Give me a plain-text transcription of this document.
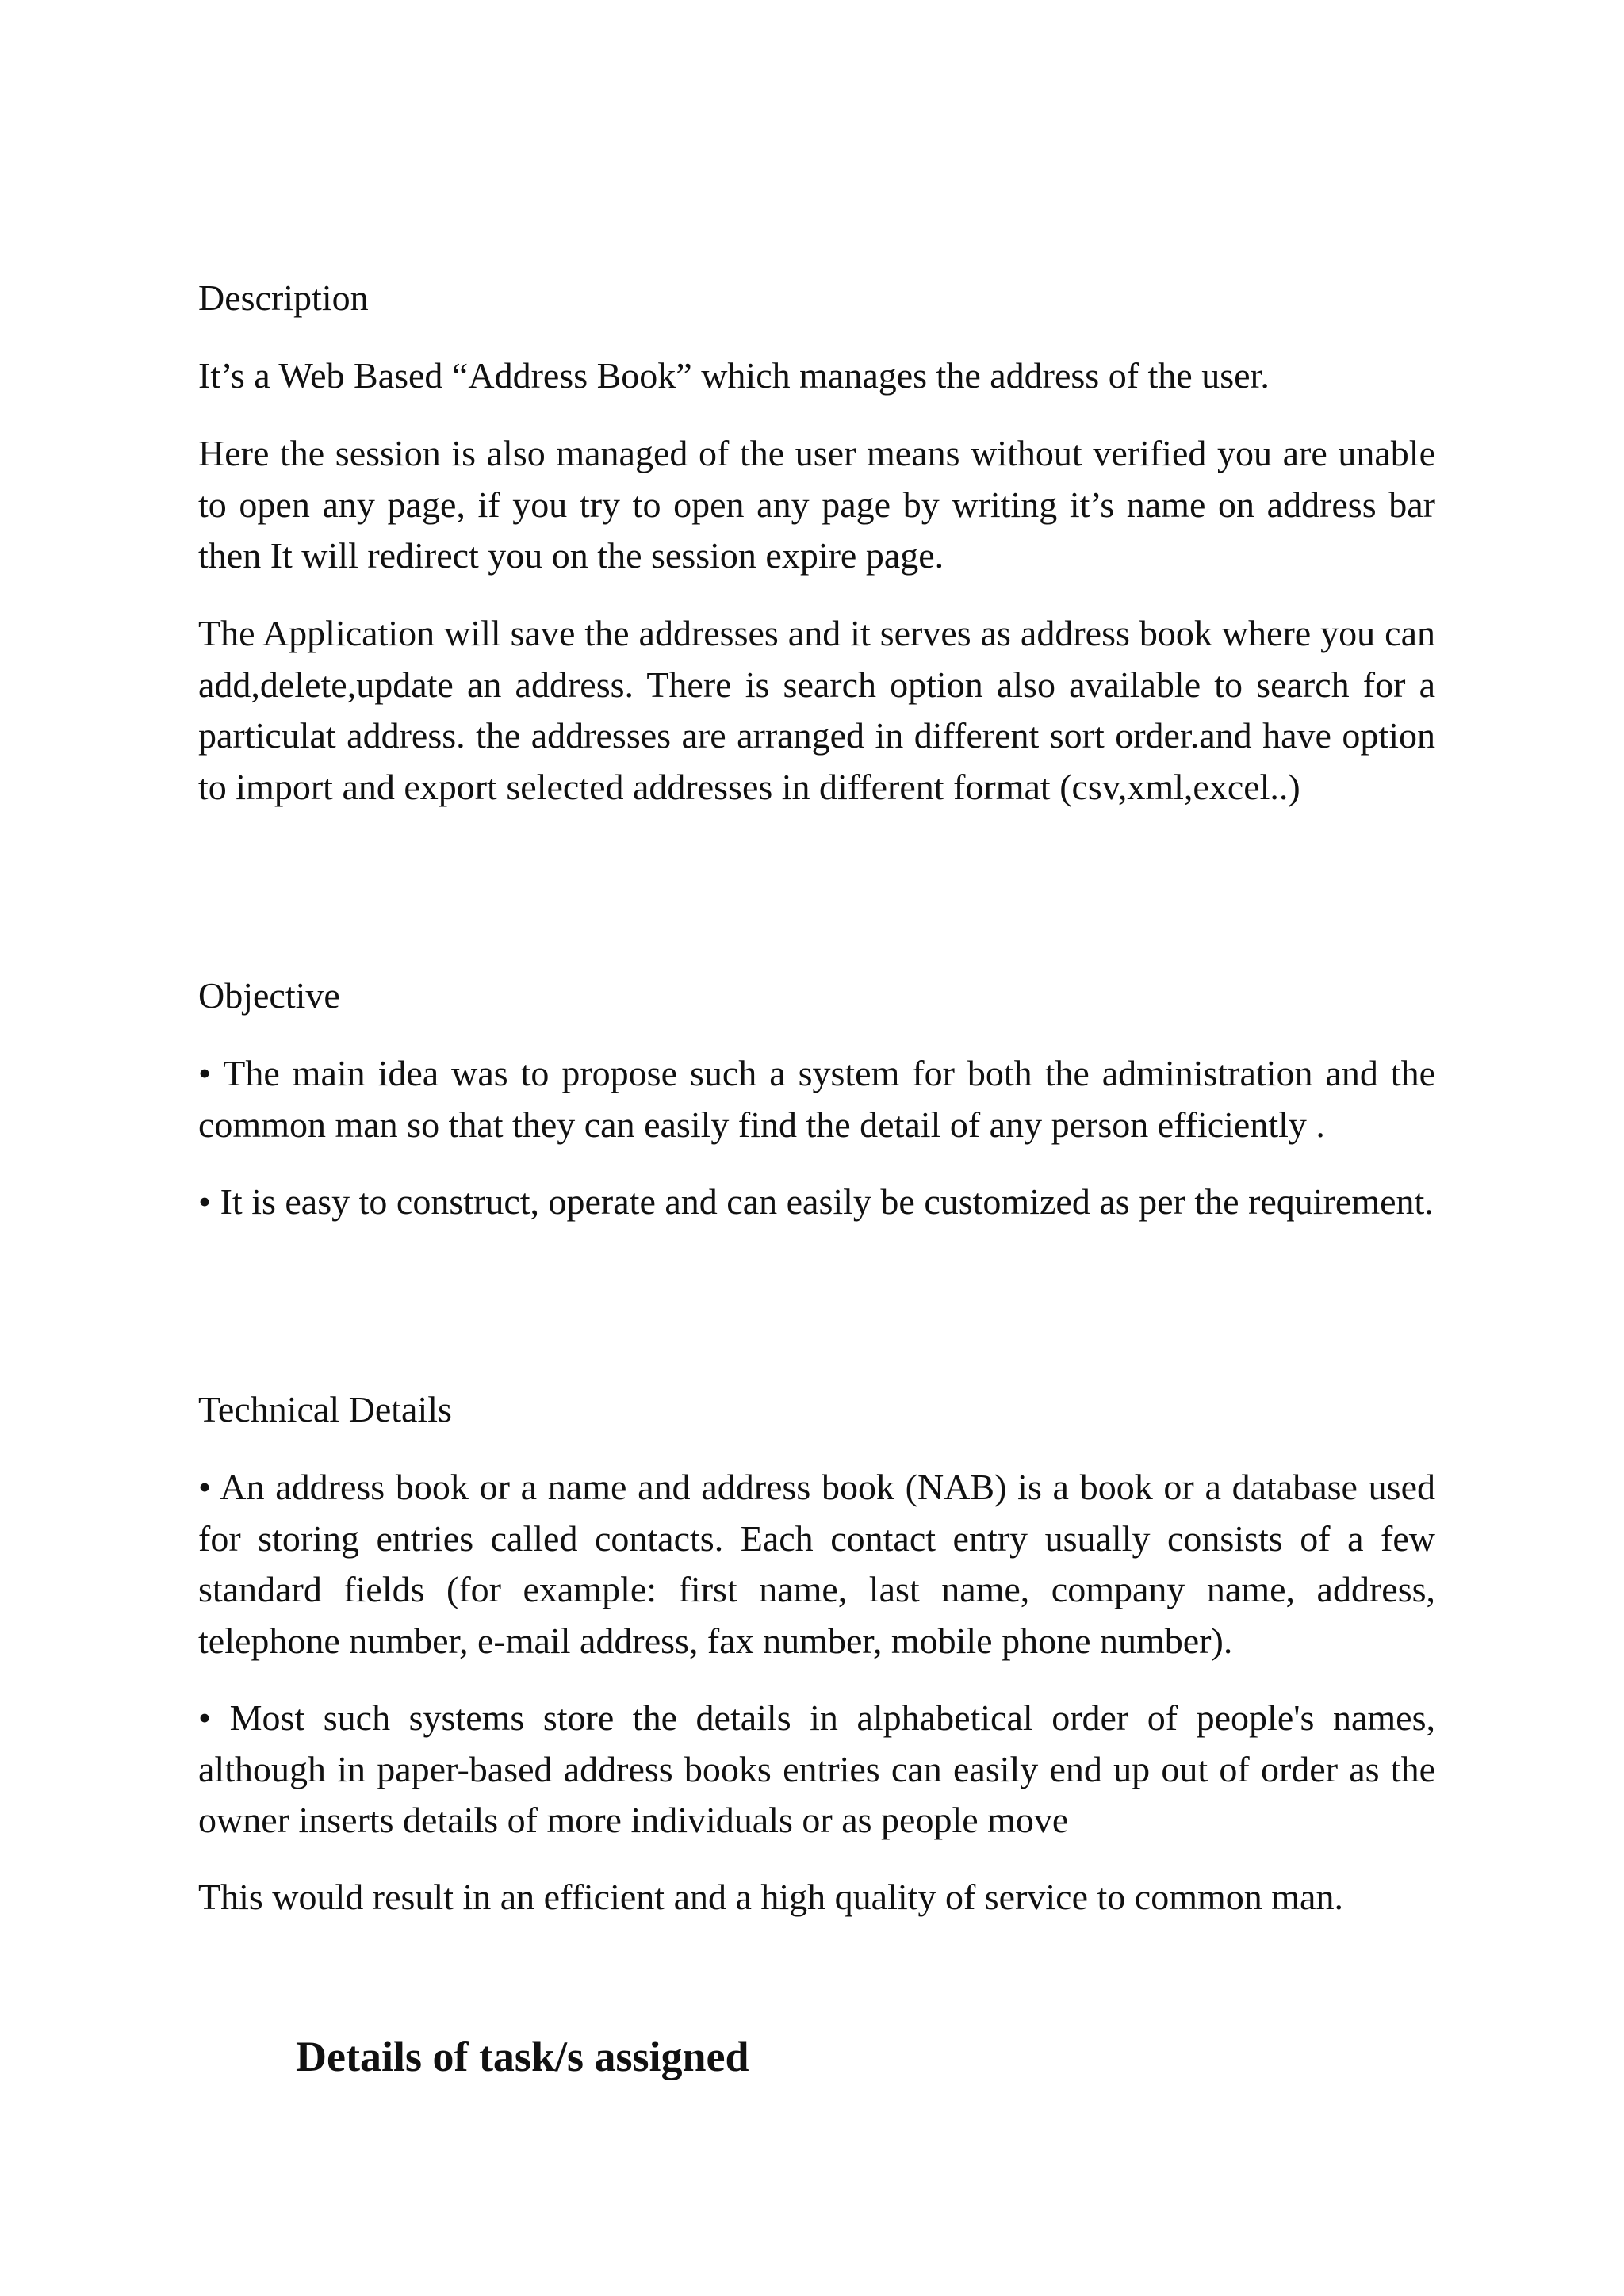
Description

It’s a Web Based “Address Book” which manages the address of the user.

Here the session is also managed of the user means without verified you are unable to open any page, if you try to open any page by writing it’s name on address bar then It will redirect you on the session expire page.

The Application will save the addresses and it serves as address book where you can add,delete,update an address. There is search option also available to search for a particulat address. the addresses are arranged in different sort order.and have option to import and export selected addresses in different format (csv,xml,excel..)

Objective

• The main idea was to propose such a system for both the administration and the common man so that they can easily find the detail of any person efficiently .

• It is easy to construct, operate and can easily be customized as per the requirement.

Technical Details

• An address book or a name and address book (NAB) is a book or a database used for storing entries called contacts. Each contact entry usually consists of a few standard fields (for example: first name, last name, company name, address, telephone number, e-mail address, fax number, mobile phone number).

• Most such systems store the details in alphabetical order of people's names, although in paper-based address books entries can easily end up out of order as the owner inserts details of more individuals or as people move

This would result in an efficient and a high quality of service to common man.

Details of task/s assigned
